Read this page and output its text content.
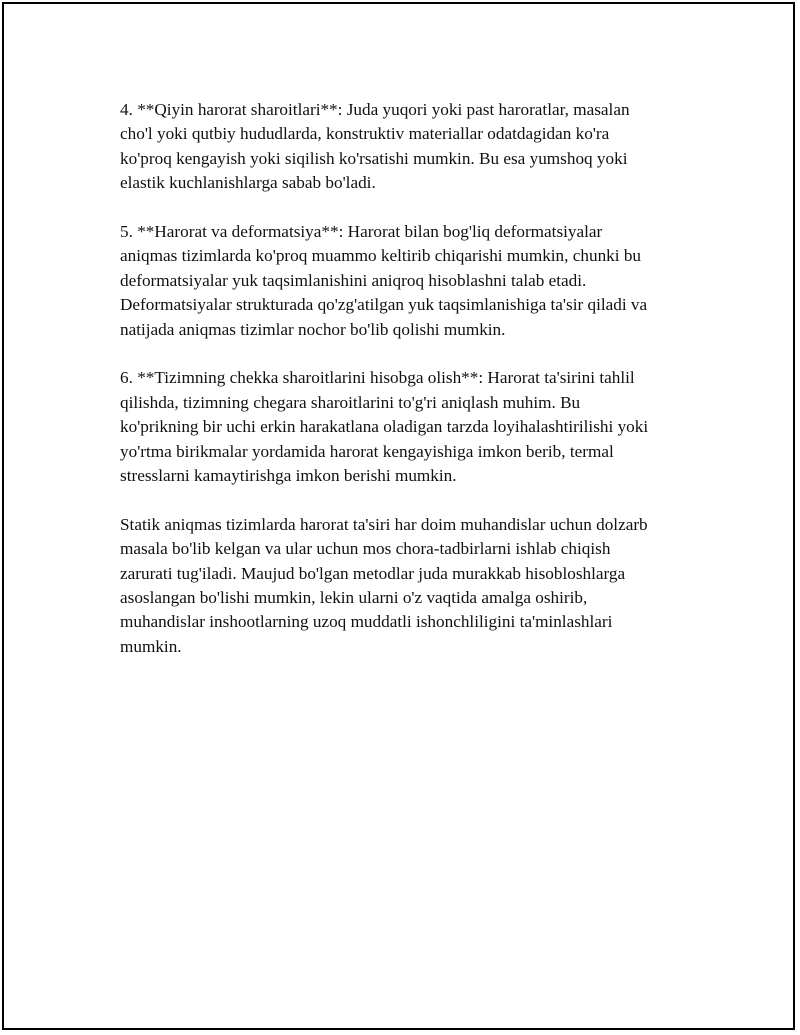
4. **Qiyin harorat sharoitlari**: Juda yuqori yoki past haroratlar, masalan
cho'l yoki qutbiy hududlarda, konstruktiv materiallar odatdagidan ko'ra
ko'proq kengayish yoki siqilish ko'rsatishi mumkin. Bu esa yumshoq yoki
elastik kuchlanishlarga sabab bo'ladi.

5. **Harorat va deformatsiya**: Harorat bilan bog'liq deformatsiyalar
aniqmas tizimlarda ko'proq muammo keltirib chiqarishi mumkin, chunki bu
deformatsiyalar yuk taqsimlanishini aniqroq hisoblashni talab etadi.
Deformatsiyalar strukturada qo'zg'atilgan yuk taqsimlanishiga ta'sir qiladi va
natijada aniqmas tizimlar nochor bo'lib qolishi mumkin.

6. **Tizimning chekka sharoitlarini hisobga olish**: Harorat ta'sirini tahlil
qilishda, tizimning chegara sharoitlarini to'g'ri aniqlash muhim. Bu
ko'prikning bir uchi erkin harakatlana oladigan tarzda loyihalashtirilishi yoki
yo'rtma birikmalar yordamida harorat kengayishiga imkon berib, termal
stresslarni kamaytirishga imkon berishi mumkin.

Statik aniqmas tizimlarda harorat ta'siri har doim muhandislar uchun dolzarb
masala bo'lib kelgan va ular uchun mos chora-tadbirlarni ishlab chiqish
zarurati tug'iladi. Maujud bo'lgan metodlar juda murakkab hisobloshlarga
asoslangan bo'lishi mumkin, lekin ularni o'z vaqtida amalga oshirib,
muhandislar inshootlarning uzoq muddatli ishonchliligini ta'minlashlari
mumkin.
